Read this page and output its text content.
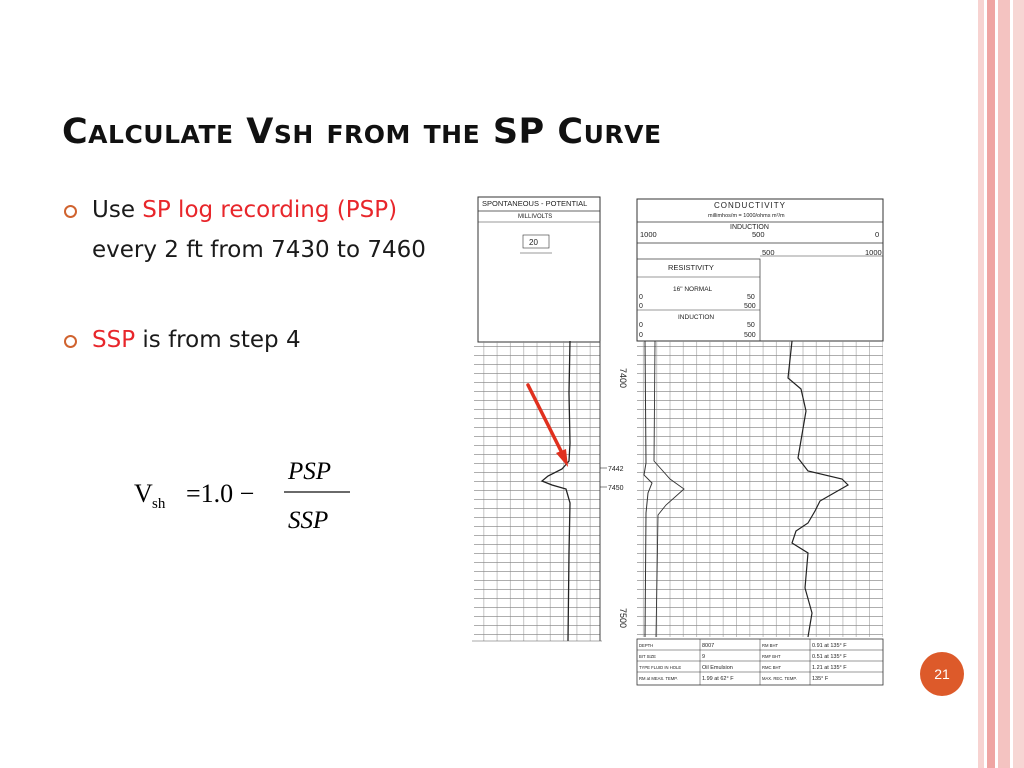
Calculate Vsh from the SP Curve
Use SP log recording (PSP) every 2 ft from 7430 to 7460
SSP is from step 4
V sh =1.0 −
PSP
SSP
SPONTANEOUS - POTENTIAL
MILLIVOLTS
20
7400
7500
7442
7450
CONDUCTIVITY
millimhos/m = 1000/ohms m²/m
INDUCTION
1000	500	0
500	1000
RESISTIVITY
16" NORMAL
0	50
0	500
INDUCTION
0	50
0	500
DEPTH	8007	RM BHT	0.91 at 135° F
BIT SIZE	9	RMF BHT	0.51 at 135° F
TYPE FLUID IN HOLE	Oil Emulsion	RMC BHT	1.21 at 135° F
RM at MEAS. TEMP.	1.99 at 62° F	MAX. REC. TEMP.	135° F	21
